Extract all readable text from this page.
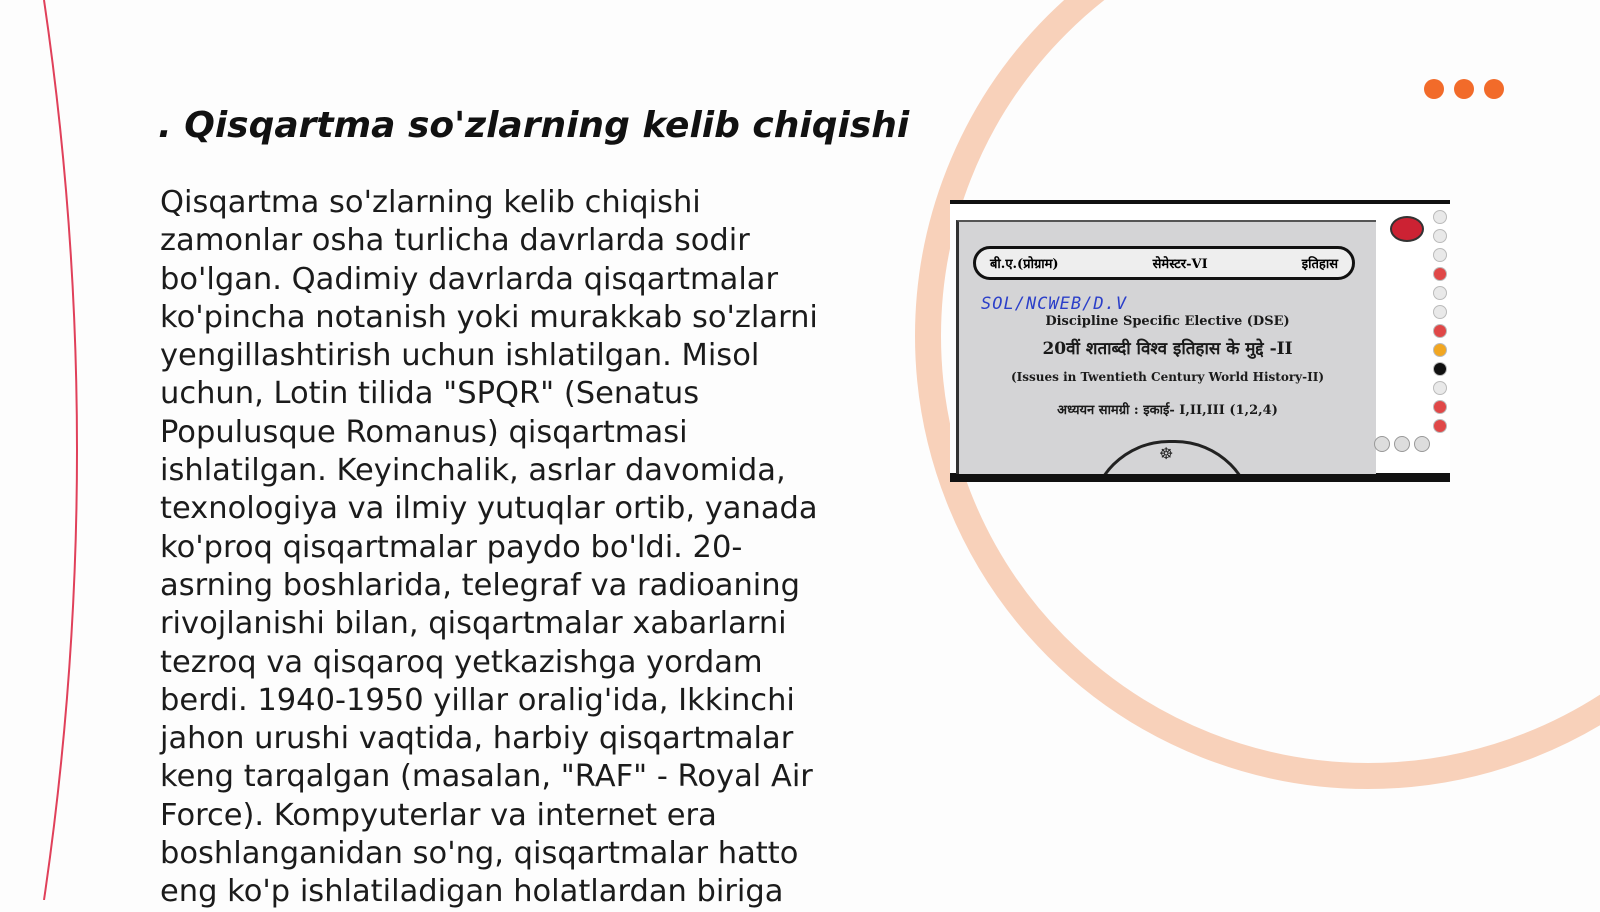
. Qisqartma so'zlarning kelib chiqishi

Qisqartma so'zlarning kelib chiqishi zamonlar osha turlicha davrlarda sodir bo'lgan. Qadimiy davrlarda qisqartmalar ko'pincha notanish yoki murakkab so'zlarni yengillashtirish uchun ishlatilgan. Misol uchun, Lotin tilida "SPQR" (Senatus Populusque Romanus) qisqartmasi ishlatilgan. Keyinchalik, asrlar davomida, texnologiya va ilmiy yutuqlar ortib, yanada ko'proq qisqartmalar paydo bo'ldi. 20-asrning boshlarida, telegraf va radioaning rivojlanishi bilan, qisqartmalar xabarlarni tezroq va qisqaroq yetkazishga yordam berdi. 1940-1950 yillar oralig'ida, Ikkinchi jahon urushi vaqtida, harbiy qisqartmalar keng tarqalgan (masalan, "RAF" - Royal Air Force). Kompyuterlar va internet era boshlanganidan so'ng, qisqartmalar hatto eng ko'p ishlatiladigan holatlardan biriga

बी.ए.(प्रोग्राम)	सेमेस्टर-VI	इतिहास
SOL/NCWEB/D.V
Discipline Specific Elective (DSE)
20वीं शताब्दी विश्व इतिहास के मुद्दे -II
(Issues in Twentieth Century World History-II)
अध्ययन सामग्री : इकाई- I,II,III (1,2,4)
☸
